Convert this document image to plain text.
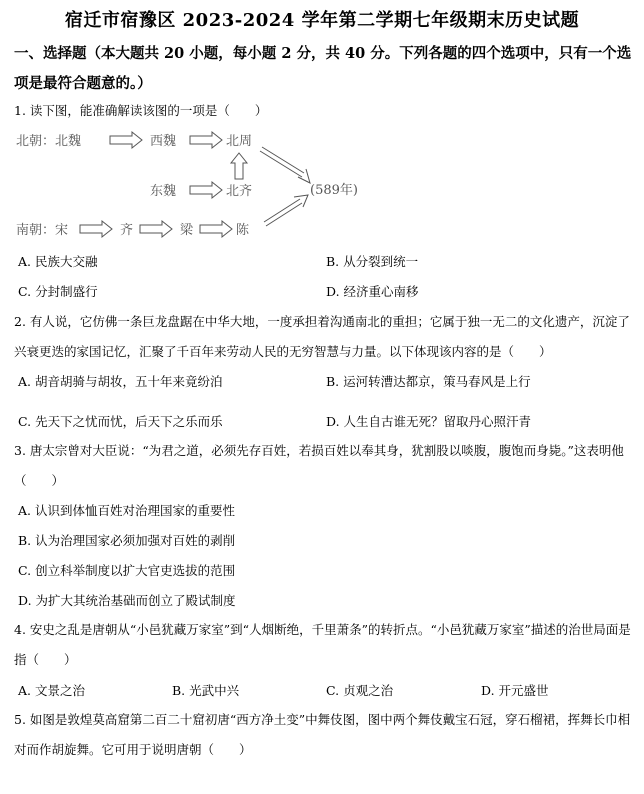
宿迁市宿豫区 2023-2024 学年第二学期七年级期末历史试题
一、选择题（本大题共 20 小题，每小题 2 分，共 40 分。下列各题的四个选项中，只有一个选项是最符合题意的。）
1. 读下图，能准确解读该图的一项是（　　）
北朝：北魏	西魏	北周
东魏	北齐	(589年)
南朝：宋	齐	梁	陈
A. 民族大交融	B. 从分裂到统一
C. 分封制盛行	D. 经济重心南移
2. 有人说，它仿佛一条巨龙盘踞在中华大地，一度承担着沟通南北的重担；它属于独一无二的文化遗产，沉淀了兴衰更迭的家国记忆，汇聚了千百年来劳动人民的无穷智慧与力量。以下体现该内容的是（　　）
A. 胡音胡骑与胡妆，五十年来竟纷泊	B. 运河转漕达都京，策马春风是上行
C. 先天下之忧而忧，后天下之乐而乐	D. 人生自古谁无死？留取丹心照汗青
3. 唐太宗曾对大臣说：“为君之道，必须先存百姓，若损百姓以奉其身，犹割股以啖腹，腹饱而身毙。”这表明他（　　）
A. 认识到体恤百姓对治理国家的重要性
B. 认为治理国家必须加强对百姓的剥削
C. 创立科举制度以扩大官吏选拔的范围
D. 为扩大其统治基础而创立了殿试制度
4. 安史之乱是唐朝从“小邑犹藏万家室”到“人烟断绝，千里萧条”的转折点。“小邑犹藏万家室”描述的治世局面是指（　　）
A. 文景之治	B. 光武中兴	C. 贞观之治	D. 开元盛世
5. 如图是敦煌莫高窟第二百二十窟初唐“西方净土变”中舞伎图，图中两个舞伎戴宝石冠，穿石榴裙，挥舞长巾相对而作胡旋舞。它可用于说明唐朝（　　）
